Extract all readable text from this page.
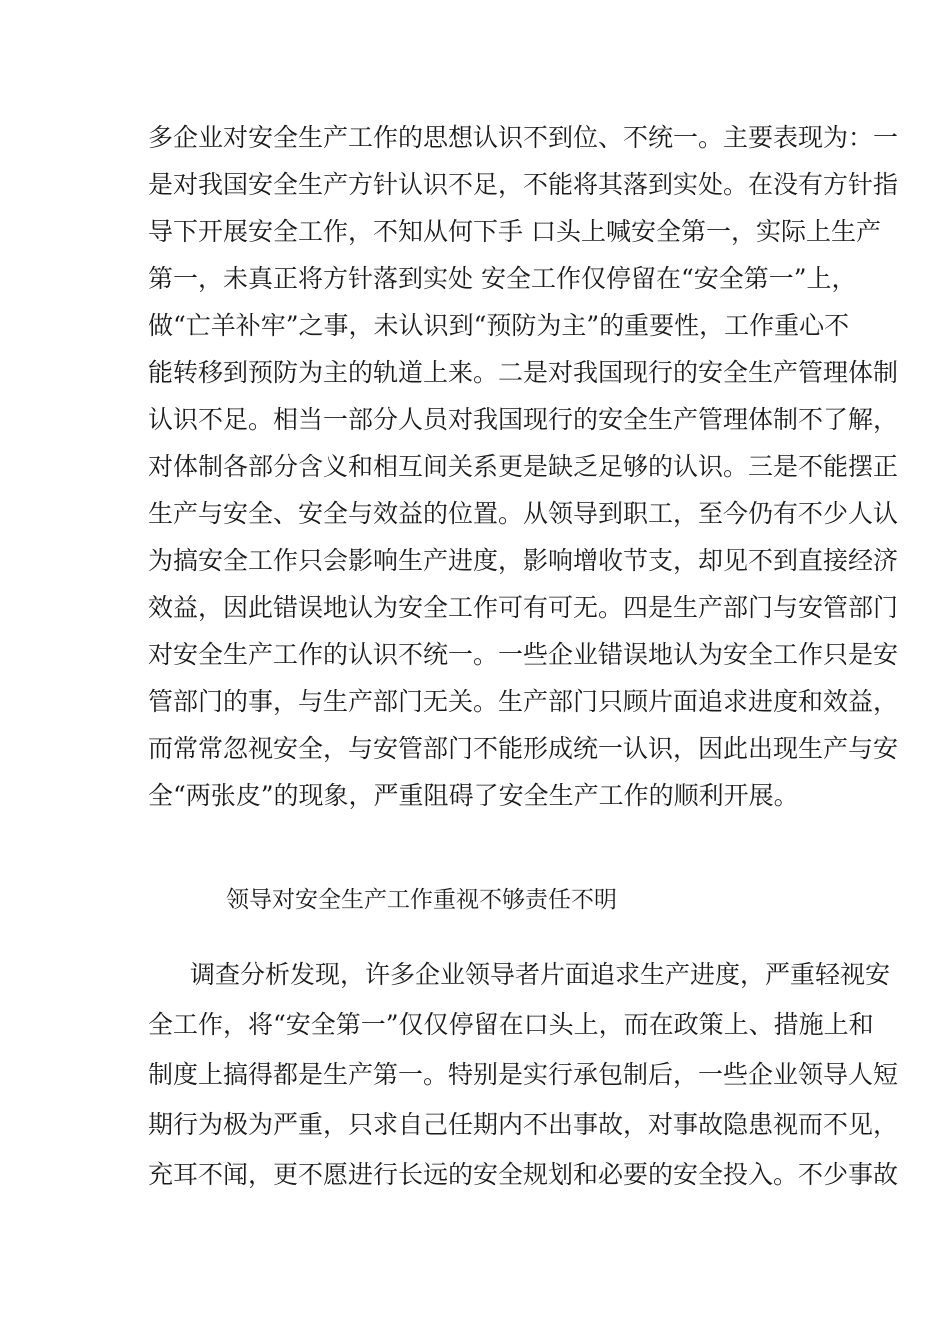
多企业对安全生产工作的思想认识不到位、不统一。主要表现为：一
是对我国安全生产方针认识不足，不能将其落到实处。在没有方针指
导下开展安全工作，不知从何下手 口头上喊安全第一，实际上生产
第一，未真正将方针落到实处 安全工作仅停留在“安全第一”上，
做“亡羊补牢”之事，未认识到“预防为主”的重要性，工作重心不
能转移到预防为主的轨道上来。二是对我国现行的安全生产管理体制
认识不足。相当一部分人员对我国现行的安全生产管理体制不了解，
对体制各部分含义和相互间关系更是缺乏足够的认识。三是不能摆正
生产与安全、安全与效益的位置。从领导到职工，至今仍有不少人认
为搞安全工作只会影响生产进度，影响增收节支，却见不到直接经济
效益，因此错误地认为安全工作可有可无。四是生产部门与安管部门
对安全生产工作的认识不统一。一些企业错误地认为安全工作只是安
管部门的事，与生产部门无关。生产部门只顾片面追求进度和效益，
而常常忽视安全，与安管部门不能形成统一认识，因此出现生产与安
全“两张皮”的现象，严重阻碍了安全生产工作的顺利开展。
领导对安全生产工作重视不够责任不明
调查分析发现，许多企业领导者片面追求生产进度，严重轻视安
全工作，将“安全第一”仅仅停留在口头上，而在政策上、措施上和
制度上搞得都是生产第一。特别是实行承包制后，一些企业领导人短
期行为极为严重，只求自己任期内不出事故，对事故隐患视而不见，
充耳不闻，更不愿进行长远的安全规划和必要的安全投入。不少事故
